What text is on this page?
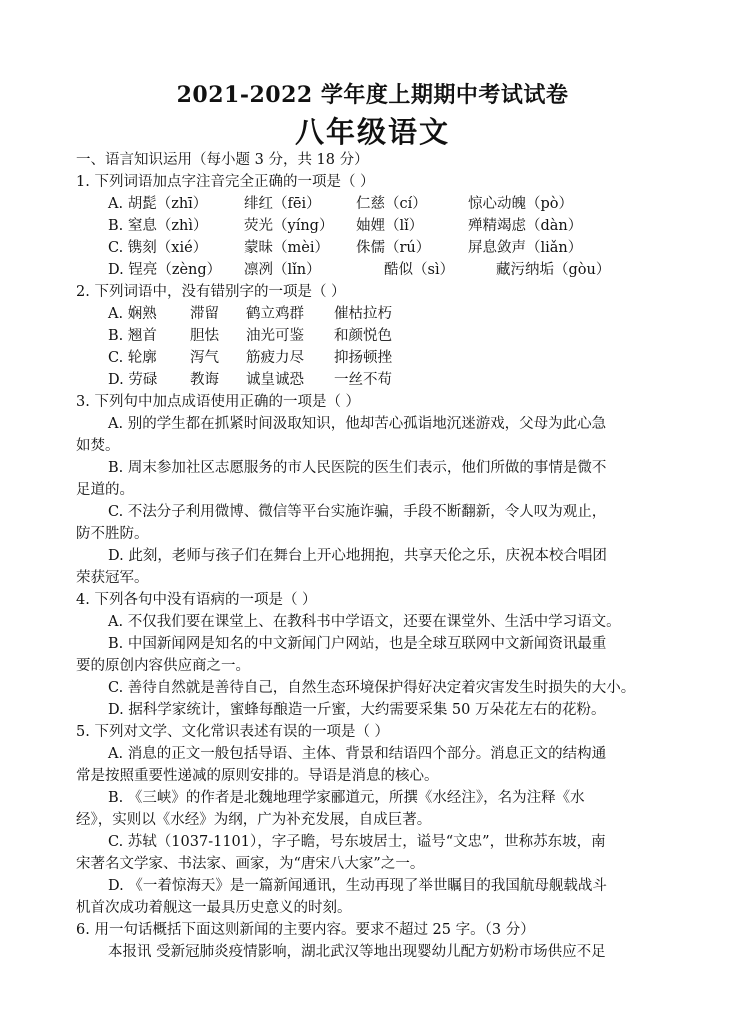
2021-2022 学年度上期期中考试试卷
八年级语文
一、语言知识运用（每小题 3 分，共 18 分）
1. 下列词语加点字注音完全正确的一项是（ ）
A. 胡髭（zhī）	绯红（fēi） 仁慈（cí）	惊心动魄（pò）
B. 窒息（zhì）	荧光（yíng） 妯娌（lǐ）	殚精竭虑（dàn）
C. 镌刻（xié）	蒙昧（mèi） 侏儒（rú）	屏息敛声（liǎn）
D. 锃亮（zèng） 凛冽（lǐn）	酷似（sì）	藏污纳垢（gòu）
2. 下列词语中，没有错别字的一项是（ ）
A. 娴熟 滞留 鹤立鸡群 催枯拉朽
B. 翘首 胆怯 油光可鉴 和颜悦色
C. 轮廓 泻气 筋疲力尽 抑扬顿挫
D. 劳碌 教诲 诚皇诚恐 一丝不苟
3. 下列句中加点成语使用正确的一项是（ ）
A. 别的学生都在抓紧时间汲取知识，他却苦心孤诣地沉迷游戏，父母为此心急
如焚。
B. 周末参加社区志愿服务的市人民医院的医生们表示，他们所做的事情是微不
足道的。
C. 不法分子利用微博、微信等平台实施诈骗，手段不断翻新，令人叹为观止，
防不胜防。
D. 此刻，老师与孩子们在舞台上开心地拥抱，共享天伦之乐，庆祝本校合唱团
荣获冠军。
4. 下列各句中没有语病的一项是（ ）
A. 不仅我们要在课堂上、在教科书中学语文，还要在课堂外、生活中学习语文。
B. 中国新闻网是知名的中文新闻门户网站，也是全球互联网中文新闻资讯最重
要的原创内容供应商之一。
C. 善待自然就是善待自己，自然生态环境保护得好决定着灾害发生时损失的大小。
D. 据科学家统计，蜜蜂每酿造一斤蜜，大约需要采集 50 万朵花左右的花粉。
5. 下列对文学、文化常识表述有误的一项是（ ）
A. 消息的正文一般包括导语、主体、背景和结语四个部分。消息正文的结构通
常是按照重要性递减的原则安排的。导语是消息的核心。
B. 《三峡》的作者是北魏地理学家郦道元，所撰《水经注》，名为注释《水
经》，实则以《水经》为纲，广为补充发展，自成巨著。
C. 苏轼（1037-1101），字子瞻，号东坡居士，谥号“文忠”，世称苏东坡，南
宋著名文学家、书法家、画家，为“唐宋八大家”之一。
D. 《一着惊海天》是一篇新闻通讯，生动再现了举世瞩目的我国航母舰载战斗
机首次成功着舰这一最具历史意义的时刻。
6. 用一句话概括下面这则新闻的主要内容。要求不超过 25 字。（3 分）
本报讯 受新冠肺炎疫情影响，湖北武汉等地出现婴幼儿配方奶粉市场供应不足
